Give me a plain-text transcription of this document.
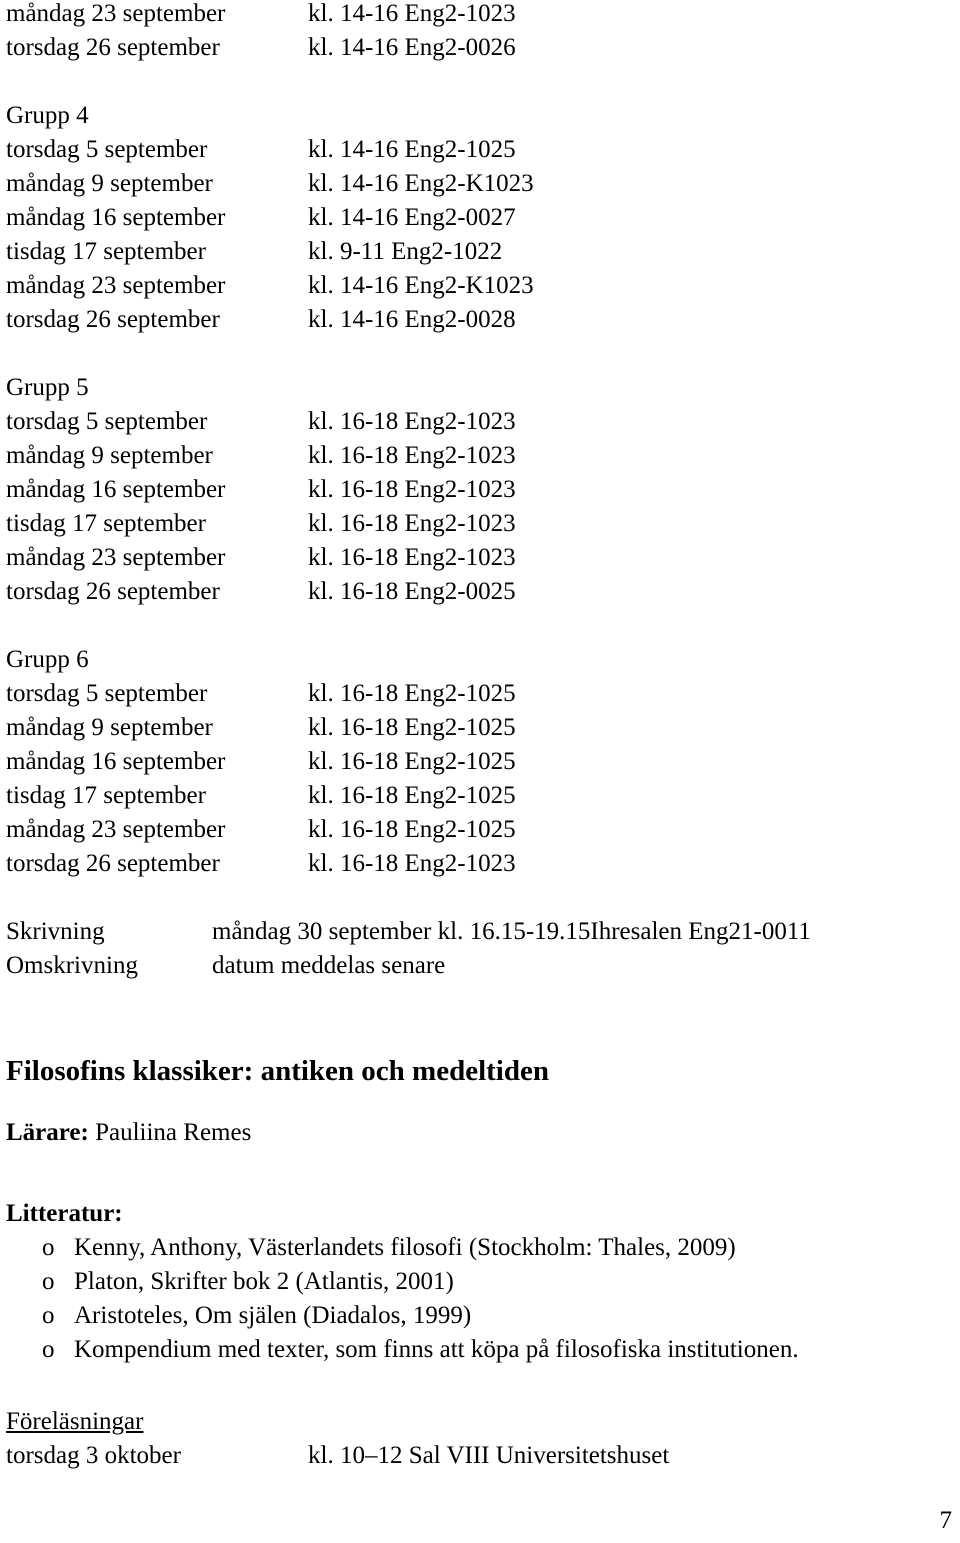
måndag 23 september	kl. 14-16 Eng2-1023
torsdag 26 september	kl. 14-16 Eng2-0026
Grupp 4
torsdag 5 september	kl. 14-16 Eng2-1025
måndag 9 september	kl. 14-16 Eng2-K1023
måndag 16 september	kl. 14-16 Eng2-0027
tisdag 17 september	kl. 9-11 Eng2-1022
måndag 23 september	kl. 14-16 Eng2-K1023
torsdag 26 september	kl. 14-16 Eng2-0028
Grupp 5
torsdag 5 september	kl. 16-18 Eng2-1023
måndag 9 september	kl. 16-18 Eng2-1023
måndag 16 september	kl. 16-18 Eng2-1023
tisdag 17 september	kl. 16-18 Eng2-1023
måndag 23 september	kl. 16-18 Eng2-1023
torsdag 26 september	kl. 16-18 Eng2-0025
Grupp 6
torsdag 5 september	kl. 16-18 Eng2-1025
måndag 9 september	kl. 16-18 Eng2-1025
måndag 16 september	kl. 16-18 Eng2-1025
tisdag 17 september	kl. 16-18 Eng2-1025
måndag 23 september	kl. 16-18 Eng2-1025
torsdag 26 september	kl. 16-18 Eng2-1023
Skrivning	måndag 30 september kl. 16.15-19.15Ihresalen Eng21-0011
Omskrivning	datum meddelas senare
Filosofins klassiker: antiken och medeltiden
Lärare: Pauliina Remes
Litteratur:
o Kenny, Anthony, Västerlandets filosofi (Stockholm: Thales, 2009)
o Platon, Skrifter bok 2 (Atlantis, 2001)
o Aristoteles, Om själen (Diadalos, 1999)
o Kompendium med texter, som finns att köpa på filosofiska institutionen.
Föreläsningar
torsdag 3 oktober	kl. 10–12 Sal VIII Universitetshuset
7
